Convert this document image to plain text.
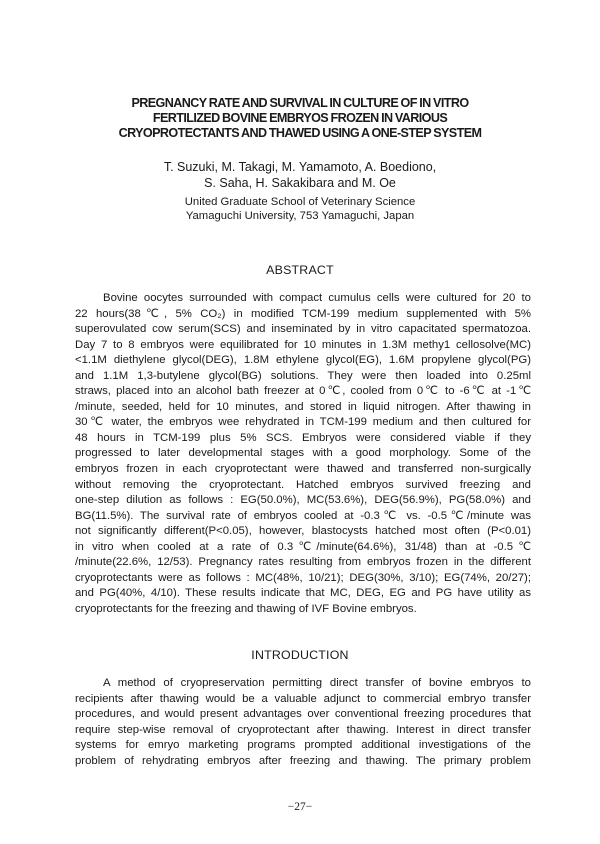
PREGNANCY RATE AND SURVIVAL IN CULTURE OF IN VITRO
FERTILIZED BOVINE EMBRYOS FROZEN IN VARIOUS
CRYOPROTECTANTS AND THAWED USING A ONE-STEP SYSTEM
T. Suzuki, M. Takagi, M. Yamamoto, A. Boediono,
S. Saha, H. Sakakibara and M. Oe
United Graduate School of Veterinary Science
Yamaguchi University, 753 Yamaguchi, Japan
ABSTRACT
Bovine oocytes surrounded with compact cumulus cells were cultured for 20 to
22 hours(38℃, 5% CO₂) in modified TCM-199 medium supplemented with 5%
superovulated cow serum(SCS) and inseminated by in vitro capacitated spermatozoa.
Day 7 to 8 embryos were equilibrated for 10 minutes in 1.3M methy1 cellosolve(MC)
<1.1M diethylene glycol(DEG), 1.8M ethylene glycol(EG), 1.6M propylene glycol(PG)
and 1.1M 1,3-butylene glycol(BG) solutions. They were then loaded into 0.25ml
straws, placed into an alcohol bath freezer at 0℃, cooled from 0℃ to -6℃ at -1℃
/minute, seeded, held for 10 minutes, and stored in liquid nitrogen. After thawing in
30℃ water, the embryos wee rehydrated in TCM-199 medium and then cultured for
48 hours in TCM-199 plus 5% SCS. Embryos were considered viable if they
progressed to later developmental stages with a good morphology. Some of the
embryos frozen in each cryoprotectant were thawed and transferred non-surgically
without removing the cryoprotectant. Hatched embryos survived freezing and
one-step dilution as follows : EG(50.0%), MC(53.6%), DEG(56.9%), PG(58.0%) and
BG(11.5%). The survival rate of embryos cooled at -0.3℃ vs. -0.5℃/minute was
not significantly different(P<0.05), however, blastocysts hatched most often (P<0.01)
in vitro when cooled at a rate of 0.3℃/minute(64.6%), 31/48) than at -0.5℃
/minute(22.6%, 12/53). Pregnancy rates resulting from embryos frozen in the different
cryoprotectants were as follows : MC(48%, 10/21); DEG(30%, 3/10); EG(74%, 20/27);
and PG(40%, 4/10). These results indicate that MC, DEG, EG and PG have utility as
cryoprotectants for the freezing and thawing of IVF Bovine embryos.
INTRODUCTION
A method of cryopreservation permitting direct transfer of bovine embryos to
recipients after thawing would be a valuable adjunct to commercial embryo transfer
procedures, and would present advantages over conventional freezing procedures that
require step-wise removal of cryoprotectant after thawing. Interest in direct transfer
systems for emryo marketing programs prompted additional investigations of the
problem of rehydrating embryos after freezing and thawing. The primary problem
−27−
